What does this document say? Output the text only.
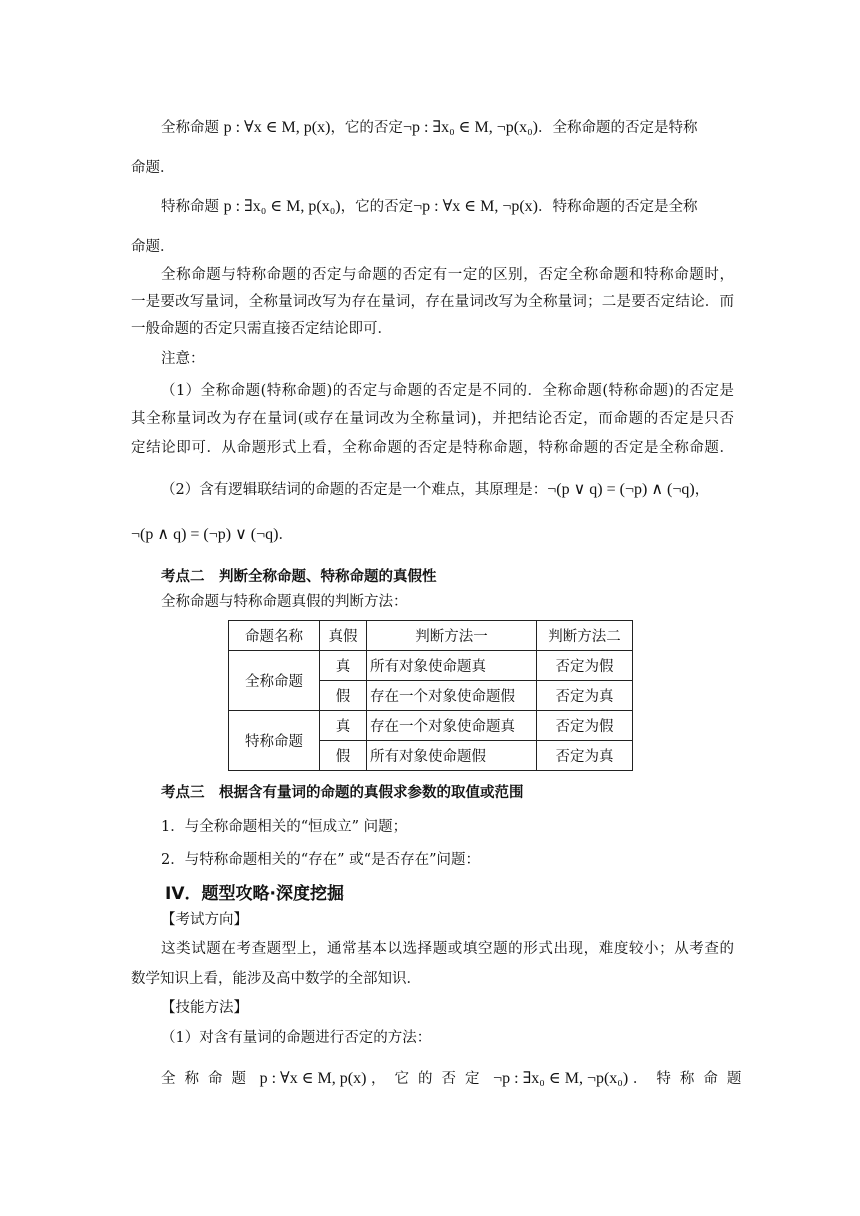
全称命题 p : ∀x ∈ M, p(x)，它的否定¬p : ∃x₀ ∈ M, ¬p(x₀)．全称命题的否定是特称
命题．
特称命题 p : ∃x₀ ∈ M, p(x₀)，它的否定¬p : ∀x ∈ M, ¬p(x)．特称命题的否定是全称
命题．
全称命题与特称命题的否定与命题的否定有一定的区别，否定全称命题和特称命题时，
一是要改写量词，全称量词改写为存在量词，存在量词改写为全称量词；二是要否定结论．而
一般命题的否定只需直接否定结论即可．
注意：
（1）全称命题(特称命题)的否定与命题的否定是不同的．全称命题(特称命题)的否定是
其全称量词改为存在量词(或存在量词改为全称量词)，并把结论否定，而命题的否定是只否
定结论即可．从命题形式上看，全称命题的否定是特称命题，特称命题的否定是全称命题．
（2）含有逻辑联结词的命题的否定是一个难点，其原理是：¬(p ∨ q) = (¬p) ∧ (¬q)，
¬(p ∧ q) = (¬p) ∨ (¬q)．
考点二　判断全称命题、特称命题的真假性
全称命题与特称命题真假的判断方法：
命题名称	真假	判断方法一	判断方法二
全称命题	真	所有对象使命题真	否定为假
	假	存在一个对象使命题假	否定为真
特称命题	真	存在一个对象使命题真	否定为假
	假	所有对象使命题假	否定为真
考点三　根据含有量词的命题的真假求参数的取值或范围
1．与全称命题相关的“恒成立” 问题；
2．与特称命题相关的“存在” 或“是否存在”问题：
IV．题型攻略·深度挖掘
【考试方向】
这类试题在考查题型上，通常基本以选择题或填空题的形式出现，难度较小；从考查的
数学知识上看，能涉及高中数学的全部知识．
【技能方法】
（1）对含有量词的命题进行否定的方法：
全称命题 p : ∀x ∈ M, p(x) ，它的否定 ¬p : ∃x₀ ∈ M, ¬p(x₀) ．特称命题
